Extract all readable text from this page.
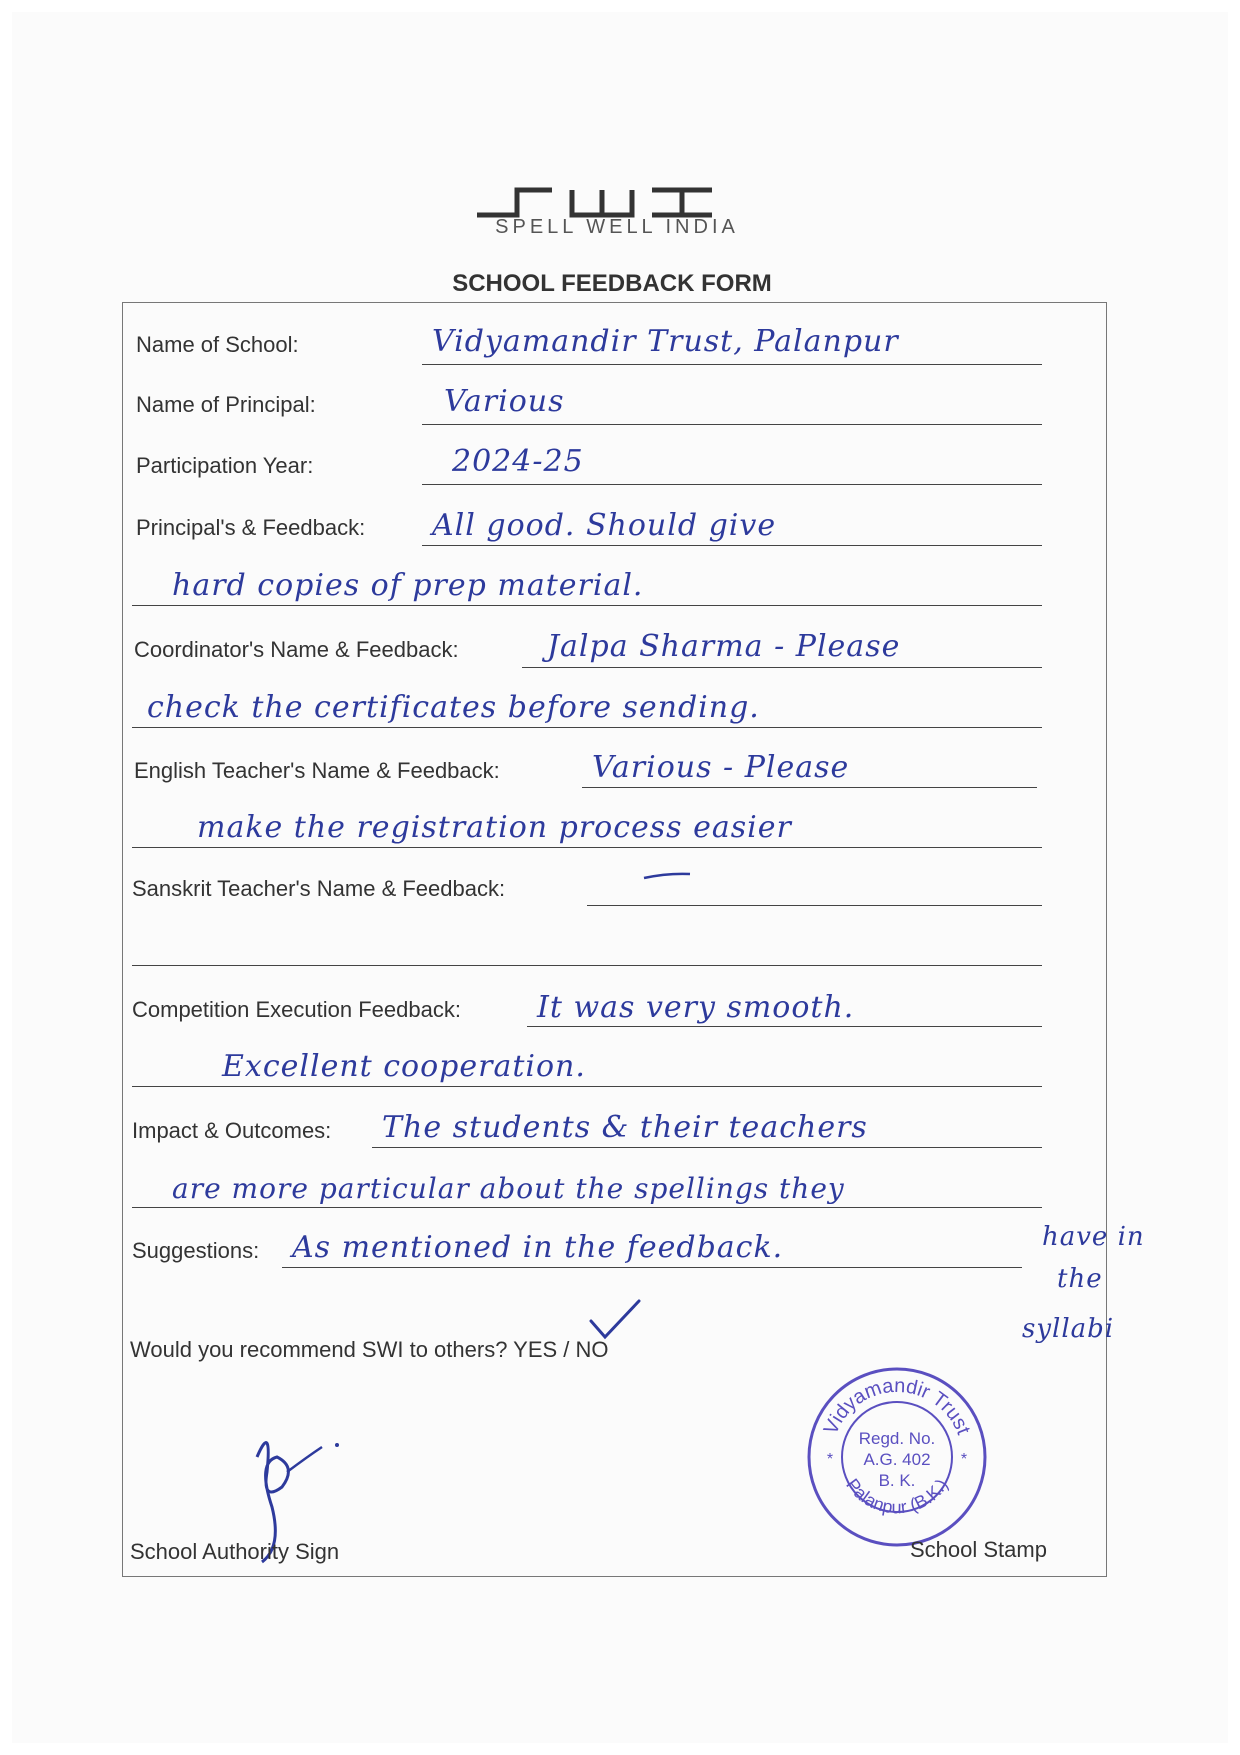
SPELL WELL INDIA
SCHOOL FEEDBACK FORM
Name of School:	Vidyamandir Trust, Palanpur
Name of Principal:	Various
Participation Year:	2024-25
Principal's & Feedback: All good. Should give
hard copies of prep material.
Coordinator's Name & Feedback:	Jalpa Sharma - Please
check the certificates before sending.
English Teacher's Name & Feedback:	Various - Please
make the registration process easier
Sanskrit Teacher's Name & Feedback:
Competition Execution Feedback:	It was very smooth.
Excellent cooperation.
Impact & Outcomes: The students & their teachers
are more particular about the spellings they
have in
the
syllabi
Suggestions: As mentioned in the feedback.
Would you recommend SWI to others? YES / NO
Vidyamandir Trust
Palanpur (B.K.)
Regd. No.
A.G. 402
B. K.
*	*
School Authority Sign	School Stamp
